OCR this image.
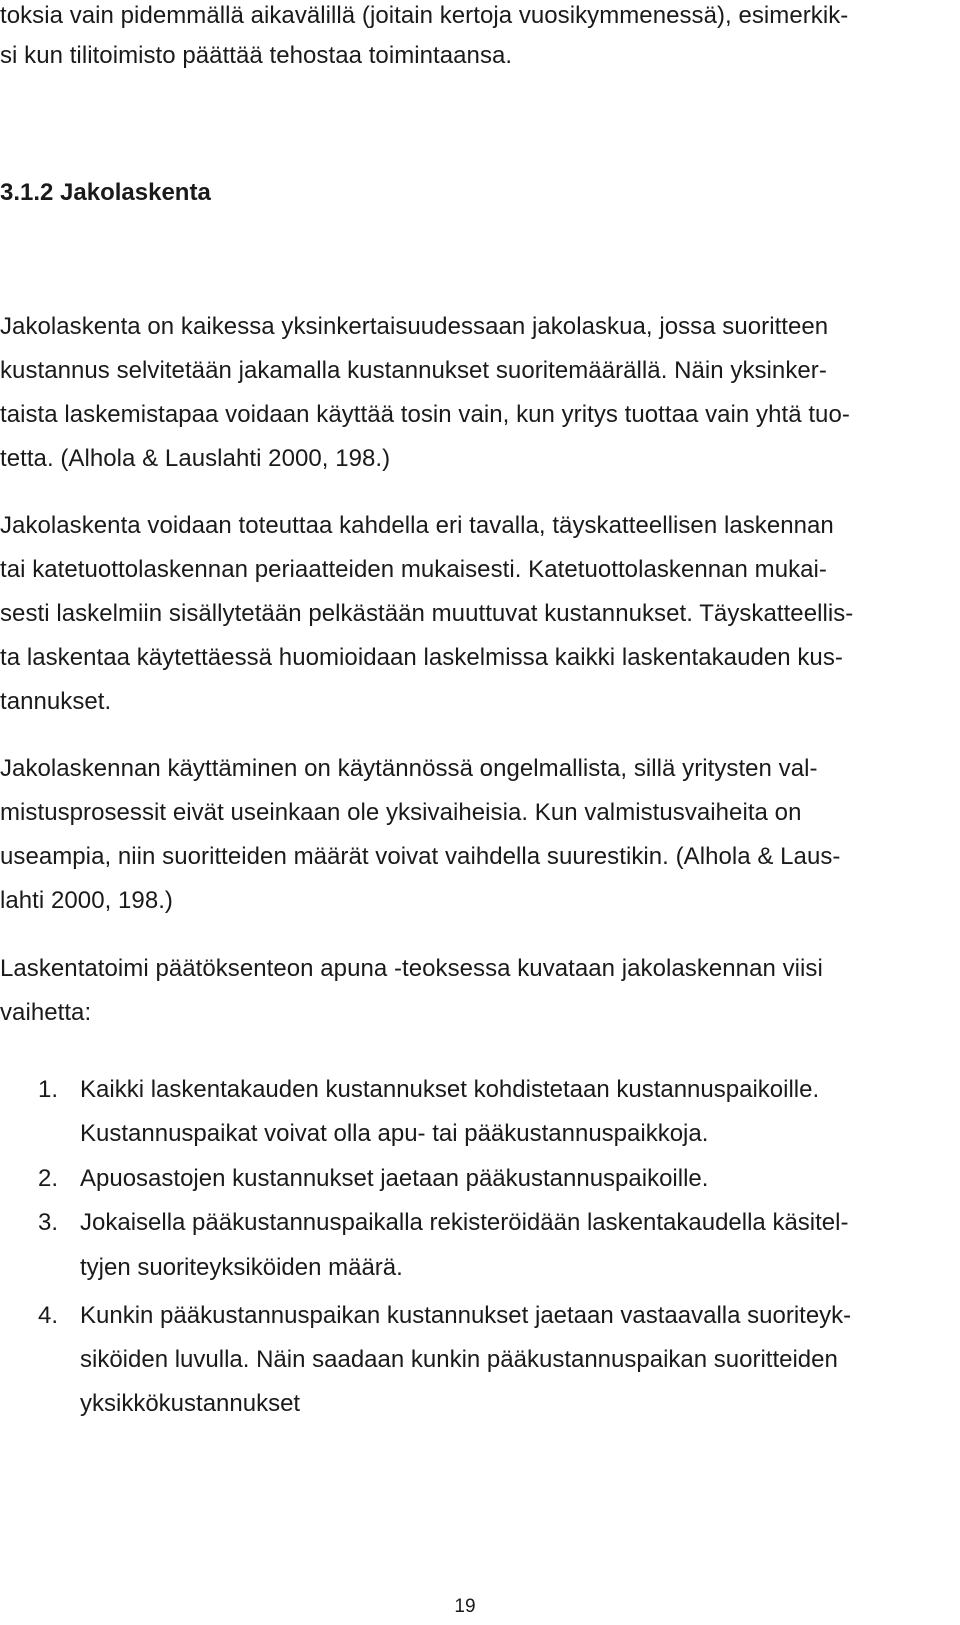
toksia vain pidemmällä aikavälillä (joitain kertoja vuosikymmenessä), esimerkik-
si kun tilitoimisto päättää tehostaa toimintaansa.
3.1.2 Jakolaskenta
Jakolaskenta on kaikessa yksinkertaisuudessaan jakolaskua, jossa suoritteen
kustannus selvitetään jakamalla kustannukset suoritemäärällä. Näin yksinker-
taista laskemistapaa voidaan käyttää tosin vain, kun yritys tuottaa vain yhtä tuo-
tetta. (Alhola & Lauslahti 2000, 198.)
Jakolaskenta voidaan toteuttaa kahdella eri tavalla, täyskatteellisen laskennan
tai katetuottolaskennan periaatteiden mukaisesti. Katetuottolaskennan mukai-
sesti laskelmiin sisällytetään pelkästään muuttuvat kustannukset. Täyskatteellis-
ta laskentaa käytettäessä huomioidaan laskelmissa kaikki laskentakauden kus-
tannukset.
Jakolaskennan käyttäminen on käytännössä ongelmallista, sillä yritysten val-
mistusprosessit eivät useinkaan ole yksivaiheisia. Kun valmistusvaiheita on
useampia, niin suoritteiden määrät voivat vaihdella suurestikin. (Alhola & Laus-
lahti 2000, 198.)
Laskentatoimi päätöksenteon apuna -teoksessa kuvataan jakolaskennan viisi
vaihetta:
1. Kaikki laskentakauden kustannukset kohdistetaan kustannuspaikoille.
Kustannuspaikat voivat olla apu- tai pääkustannuspaikkoja.
2. Apuosastojen kustannukset jaetaan pääkustannuspaikoille.
3. Jokaisella pääkustannuspaikalla rekisteröidään laskentakaudella käsitel-
tyjen suoriteyksiköiden määrä.
4. Kunkin pääkustannuspaikan kustannukset jaetaan vastaavalla suoriteyk-
siköiden luvulla. Näin saadaan kunkin pääkustannuspaikan suoritteiden
yksikkökustannukset
19
